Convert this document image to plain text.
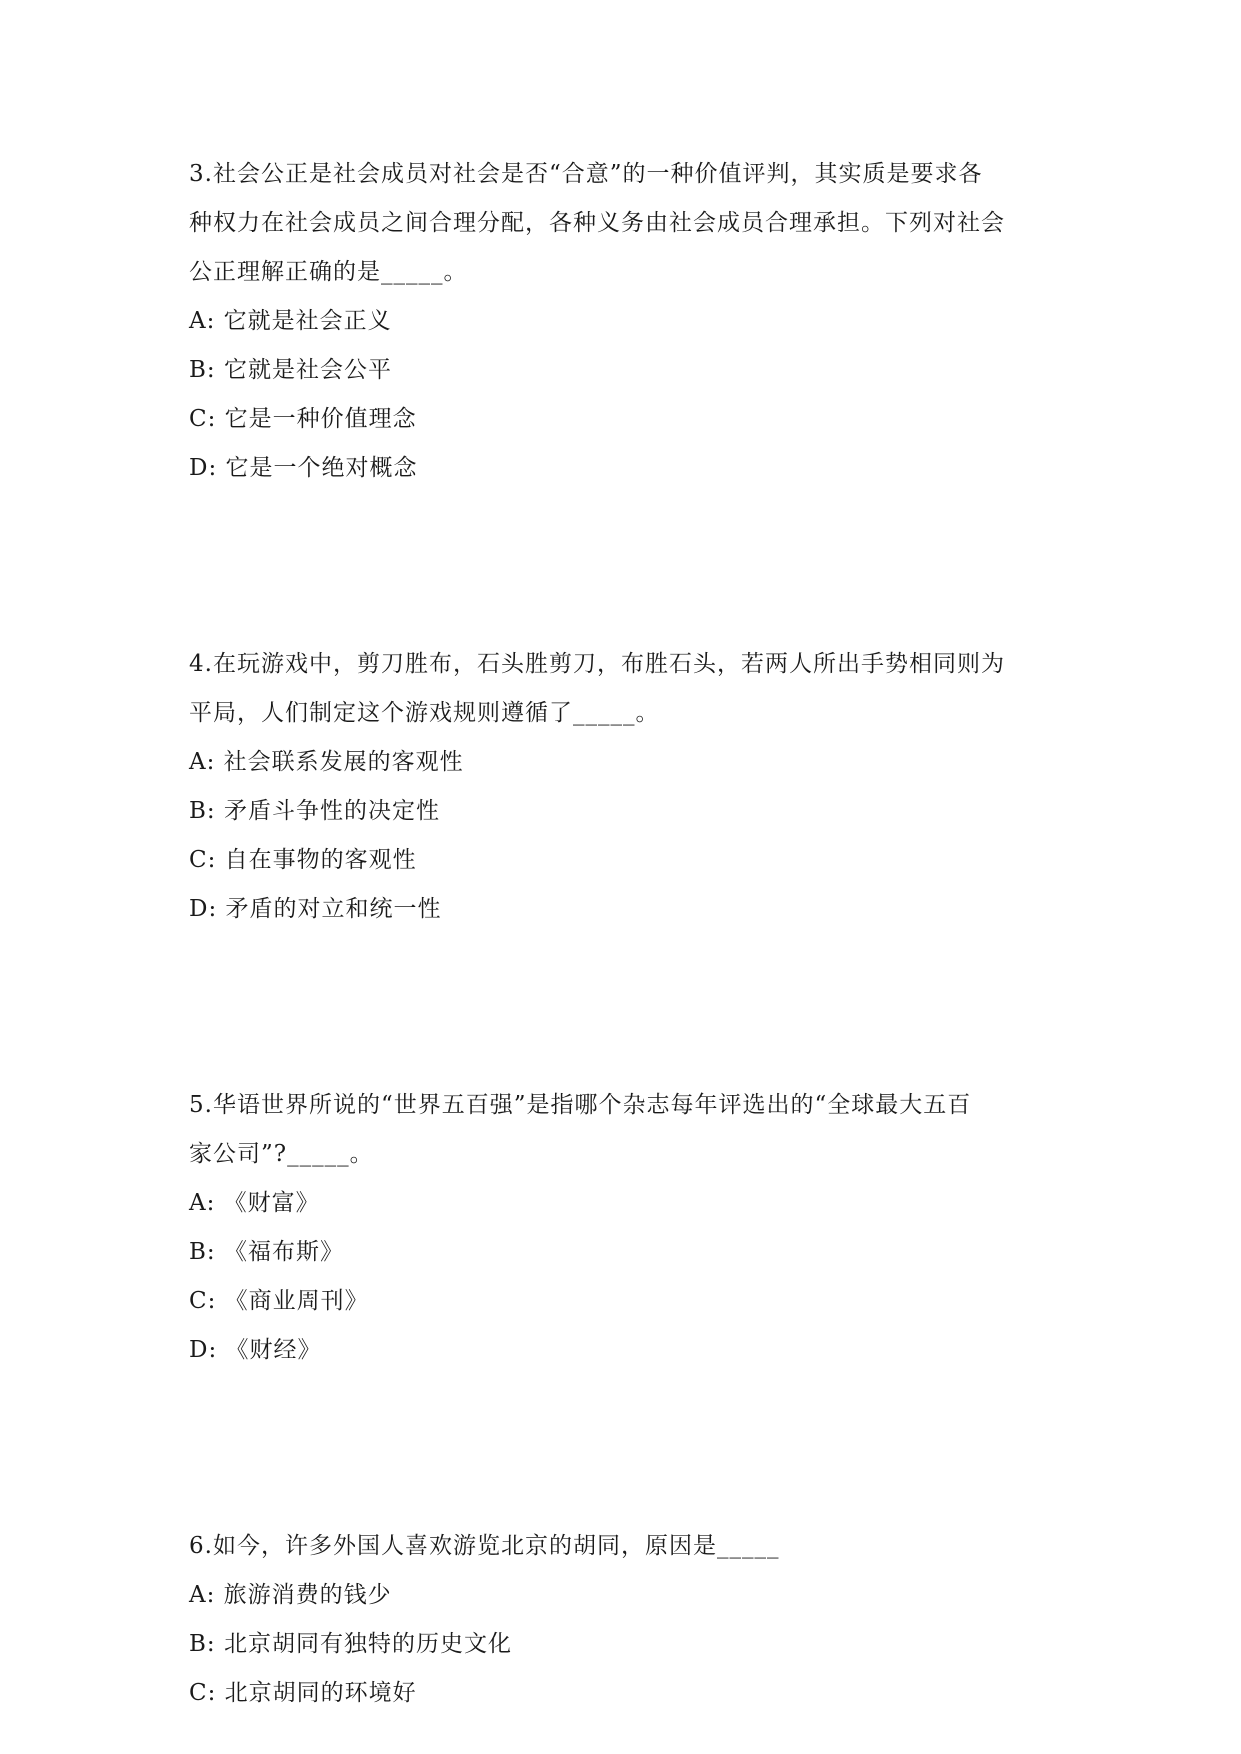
3.社会公正是社会成员对社会是否“合意”的一种价值评判，其实质是要求各

种权力在社会成员之间合理分配，各种义务由社会成员合理承担。下列对社会

公正理解正确的是_____。

A: 它就是社会正义

B: 它就是社会公平

C: 它是一种价值理念

D: 它是一个绝对概念

4.在玩游戏中，剪刀胜布，石头胜剪刀，布胜石头，若两人所出手势相同则为

平局，人们制定这个游戏规则遵循了_____。

A: 社会联系发展的客观性

B: 矛盾斗争性的决定性

C: 自在事物的客观性

D: 矛盾的对立和统一性

5.华语世界所说的“世界五百强”是指哪个杂志每年评选出的“全球最大五百

家公司”?_____。

A: 《财富》

B: 《福布斯》

C: 《商业周刊》

D: 《财经》

6.如今，许多外国人喜欢游览北京的胡同，原因是_____

A: 旅游消费的钱少

B: 北京胡同有独特的历史文化

C: 北京胡同的环境好
